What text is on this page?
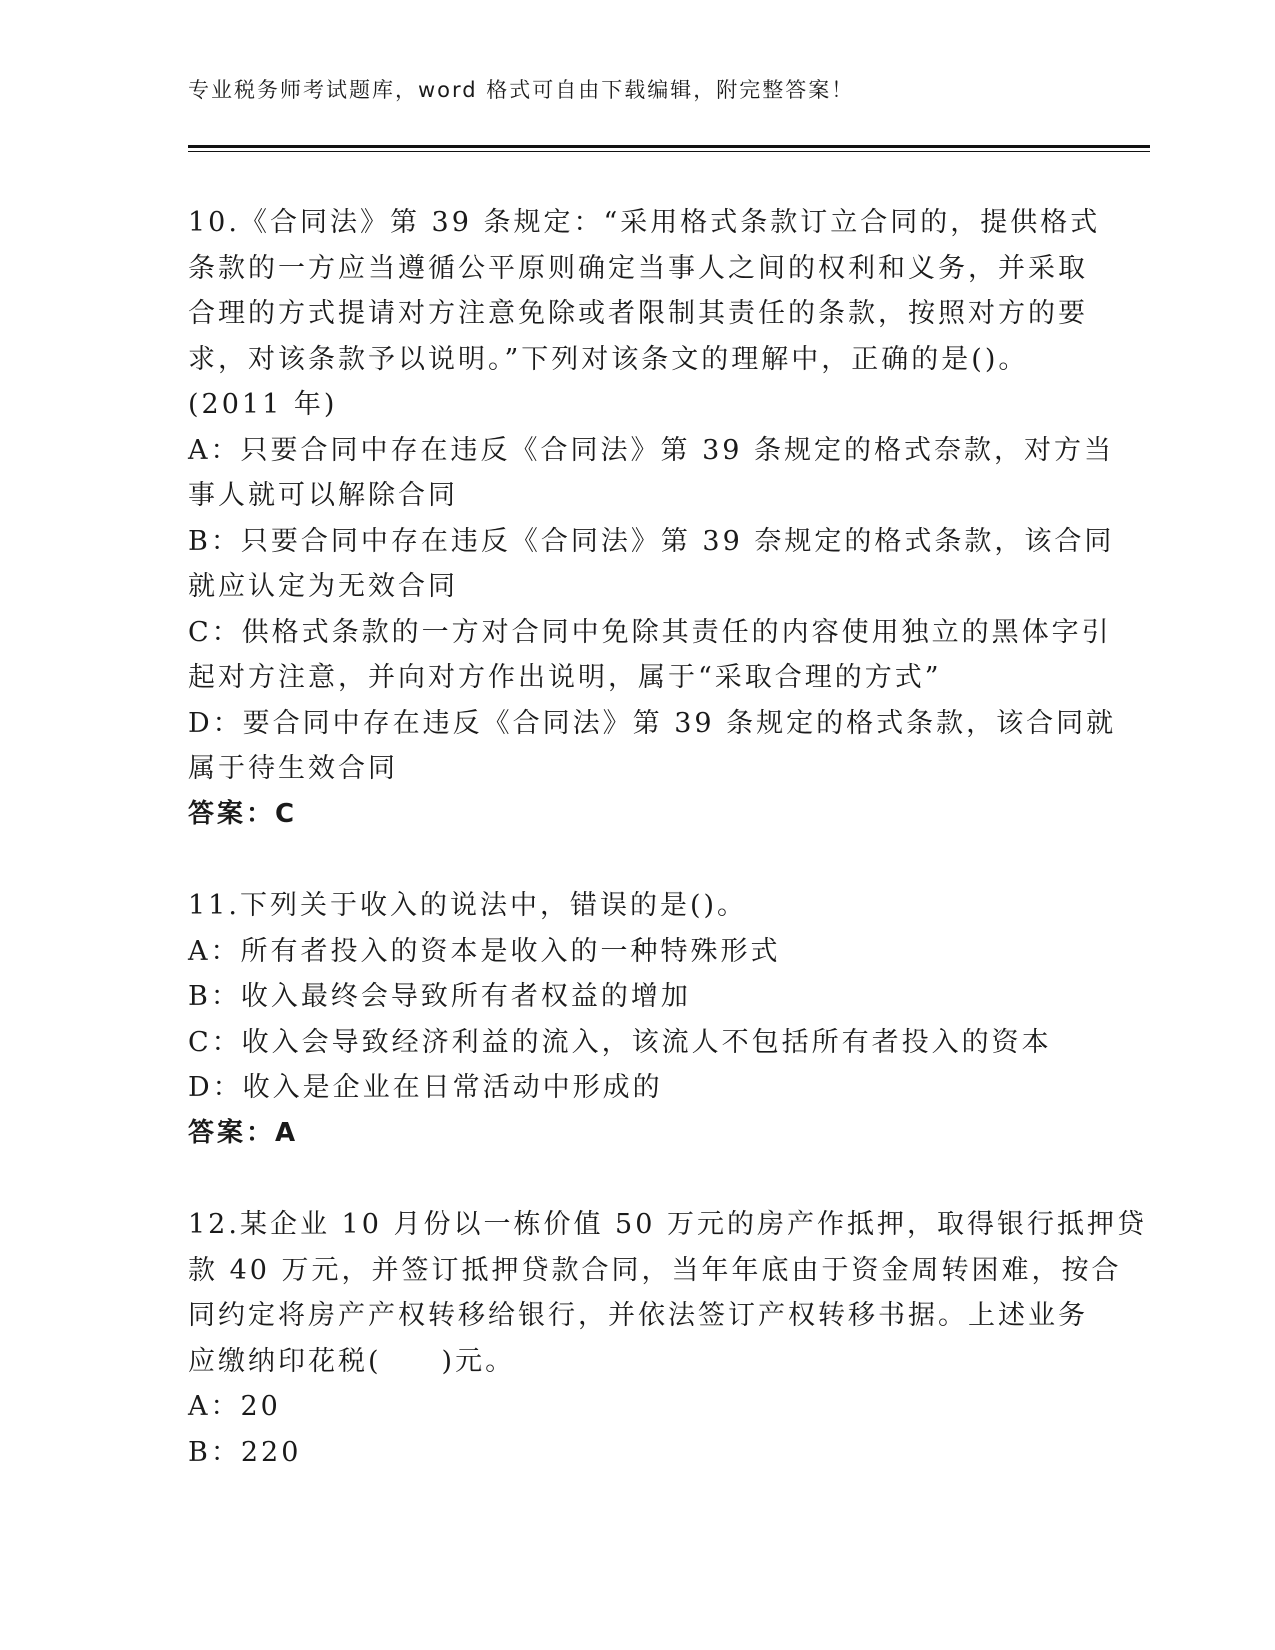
专业税务师考试题库，word 格式可自由下载编辑，附完整答案！
10.《合同法》第 39 条规定：“采用格式条款订立合同的，提供格式
条款的一方应当遵循公平原则确定当事人之间的权利和义务，并采取
合理的方式提请对方注意免除或者限制其责任的条款，按照对方的要
求，对该条款予以说明。”下列对该条文的理解中，正确的是()。
(2011 年)
A：只要合同中存在违反《合同法》第 39 条规定的格式奈款，对方当
事人就可以解除合同
B：只要合同中存在违反《合同法》第 39 奈规定的格式条款，该合同
就应认定为无效合同
C：供格式条款的一方对合同中免除其责任的内容使用独立的黑体字引
起对方注意，并向对方作出说明，属于“采取合理的方式”
D：要合同中存在违反《合同法》第 39 条规定的格式条款，该合同就
属于待生效合同
答案：C
11.下列关于收入的说法中，错误的是()。
A：所有者投入的资本是收入的一种特殊形式
B：收入最终会导致所有者权益的增加
C：收入会导致经济利益的流入，该流人不包括所有者投入的资本
D：收入是企业在日常活动中形成的
答案：A
12.某企业 10 月份以一栋价值 50 万元的房产作抵押，取得银行抵押贷
款 40 万元，并签订抵押贷款合同，当年年底由于资金周转困难，按合
同约定将房产产权转移给银行，并依法签订产权转移书据。上述业务
应缴纳印花税(　　)元。
A：20
B：220
